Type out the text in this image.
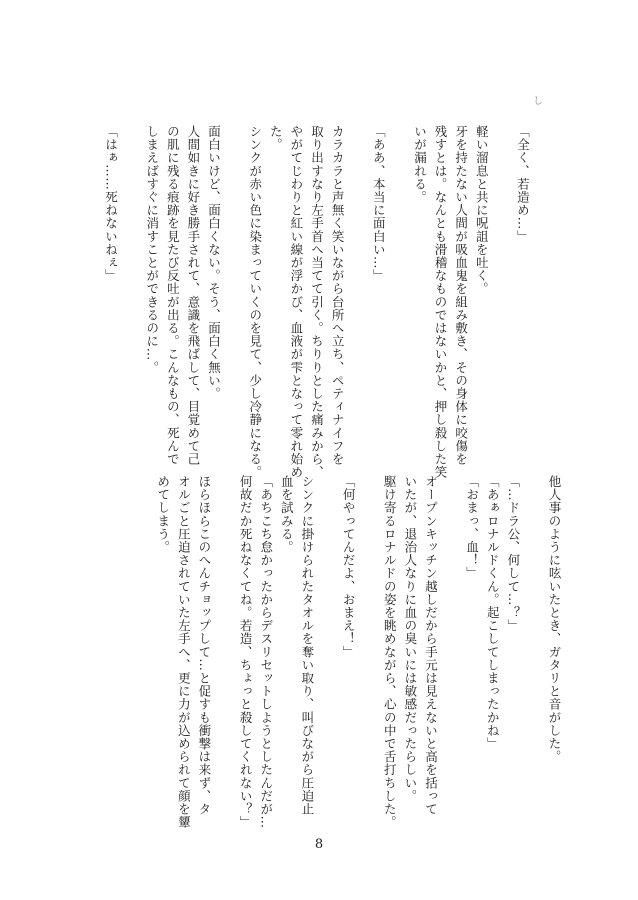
し

「全く、若造め…」

軽い溜息と共に呪詛を吐く。
牙を持たない人間が吸血鬼を組み敷き、その身体に咬傷を
残すとは。なんとも滑稽なものではないかと、押し殺した笑
いが漏れる。

「ああ、本当に面白い…」

カラカラと声無く笑いながら台所へ立ち、ペティナイフを
取り出すなり左手首へ当てて引く。ちりりとした痛みから、
やがてじわりと紅い線が浮かび、血液が雫となって零れ始め
た。
シンクが赤い色に染まっていくのを見て、少し冷静になる。

面白いけど、面白くない。そう、面白く無い。
人間如きに好き勝手されて、意識を飛ばして、目覚めて己
の肌に残る痕跡を見たび反吐が出る。こんなもの、死んで
しまえばすぐに消すことができるのに…。

「はぁ……死ねないねぇ」
他人事のように呟いたとき、ガタリと音がした。

「…ドラ公、何して…？」
「あぁロナルドくん。起こしてしまったかね」
「おまっ、血！」

オープンキッチン越しだから手元は見えないと高を括って
いたが、退治人なりに血の臭いには敏感だったらしい。
駆け寄るロナルドの姿を眺めながら、心の中で舌打ちした。

「何やってんだよ、おまえ！」

シンクに掛けられたタオルを奪い取り、叫びながら圧迫止
血を試みる。
「あちこち怠かったからデスリセットしようとしたんだが…
何故だか死ねなくてね。若造、ちょっと殺してくれない？」

ほらほらこのへんチョップして…と促すも衝撃は来ず、タ
オルごと圧迫されていた左手へ、更に力が込められて顔を顰
めてしまう。
8
